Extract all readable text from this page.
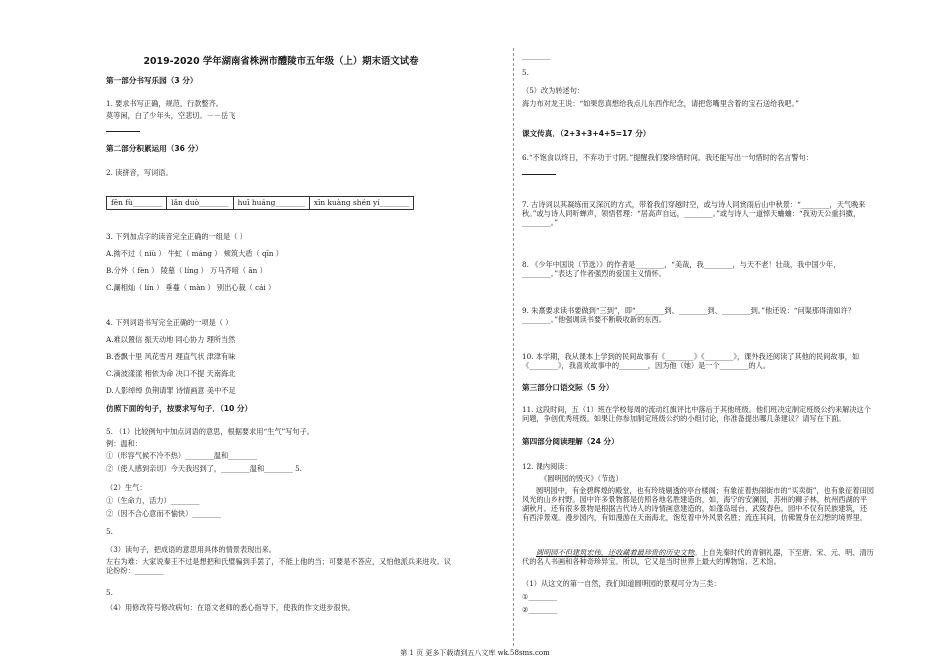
2019-2020 学年湖南省株洲市醴陵市五年级（上）期末语文试卷
第一部分书写乐园（3 分）
1. 要求书写正确，规范，行款整齐。
莫等闲，白了少年头，空悲切。－－岳飞
第二部分积累运用（36 分）
2. 读拼音，写词语。
fēn fù________	lǎn duò________	huī huáng________	xīn kuàng shén yí________
3. 下列加点字的读音完全正确的一组是（ ）
A.拗不过（ niù ） 牛虻（ máng ） 颊筑大盾（ qīn ）
B.分外（ fèn ） 陵墓（ líng ） 万马齐喑（ ān ）
C.涮相灿（ lín ） 垂蔓（ màn ） 别出心裁（ cái ）
4. 下列词语书写完全正确的一项是（ ）
A.难以置信 振天动地 同心协力 理所当然
B.香飘十里 风花雪月 理直气状 津津有味
C.滴波漾漾 相依为命 决口不提 天南海北
D.人影绰绰 负荆请罪 诗情画意 美中不足
仿照下面的句子，按要求写句子．（10 分）
5. （1）比较例句中加点词语的意思，根据要求用“生气”写句子。
例：温和：
①（形容气候不冷不热）________温和________
②（使人感到亲切）今天我迟到了，________温和________ 5.
（2）生气：
①（生命力，活力）________
②（因不合心意而不愉快）________
5.
（3）读句子，把成语的意思用具体的情景表现出来。
左右为难：大家说秦王不过是想把和氏璧骗到手罢了，不能上他的当；可要是不答应，又怕他派兵来进攻。议论纷纷：________
5.
（4）用修改符号修改病句：在语文老师的悉心指导下，使我的作文进步很快。
________
5.
（5）改为转述句：
海力布对龙王说：“如果您真想给我点儿东西作纪念，请把您嘴里含着的宝石送给我吧。”
课文传真．（2+3+3+4+5=17 分）
6.“不饱食以终日，不弃功于寸阴。”提醒我们要珍惜时间。我还能写出一句惜时的名言警句：
7. 古诗词以其凝练而又深沉的方式，带着我们穿越时空，或与诗人同赏雨后山中秋景：“________，天气晚来秋。”或与诗人同听蝉声，领悟哲理：“居高声自远，________。”或与诗人一道悼天蛐蛐：“我劝天公重抖擞，________。”
8. 《少年中国说（节选）》的作者是________，“美哉，我________，与天不老！壮哉，我中国少年，________。”表达了作者强烈的爱国主义情怀。
9. 朱熹要求读书要做到“三到”，即“________到、________到、________到。”他还说：“问渠那得清如许？________。”他强调读书要不断吸收新的东西。
10. 本学期，我从课本上学到的民间故事有《________》《________》，课外我还阅读了其他的民间故事，如《________》，我喜欢故事中的________，因为他（她）是一个________的人。
第三部分口语交际（5 分）
11. 这段时间，五（1）班在学校每周的流动红旗评比中落后于其他班级。他们班决定制定班级公约来解决这个问题，争创优秀班级。如果让你参加制定班级公约的小组讨论，你准备提出哪几条建议？请写在下面。
第四部分阅读理解（24 分）
12. 课内阅读：
《圆明园的毁灭》（节选）
圆明园中，有金碧辉煌的殿堂，也有玲珑剔透的亭台楼阁；有象征着热闹街市的“买卖街”，也有象征着田园风光的山乡村野。园中许多景物都是仿照各地名胜建造的，如，海宁的安澜园，苏州的狮子林，杭州西湖的平湖秋月。还有很多景物是根据古代诗人的诗情画意建造的，如蓬岛瑶台、武陵春色。园中不仅有民族建筑，还有西洋景观。漫步园内，有如漫游在天南海北，饱览着中外风景名胜；流连其间，仿佛置身在幻想的境界里。
圆明园不但建筑宏伟，还收藏着最珍贵的历史文物。上自先秦时代的青铜礼器，下至唐、宋、元、明、清历代的名人书画和各种奇珍异宝。所以，它又是当时世界上最大的博物馆、艺术馆。
（1）从这文的第一自然，我们知道圆明园的景观可分为三类：
①________
②________
第 1 页 更多下载请到五八文库 wk.58sms.com
